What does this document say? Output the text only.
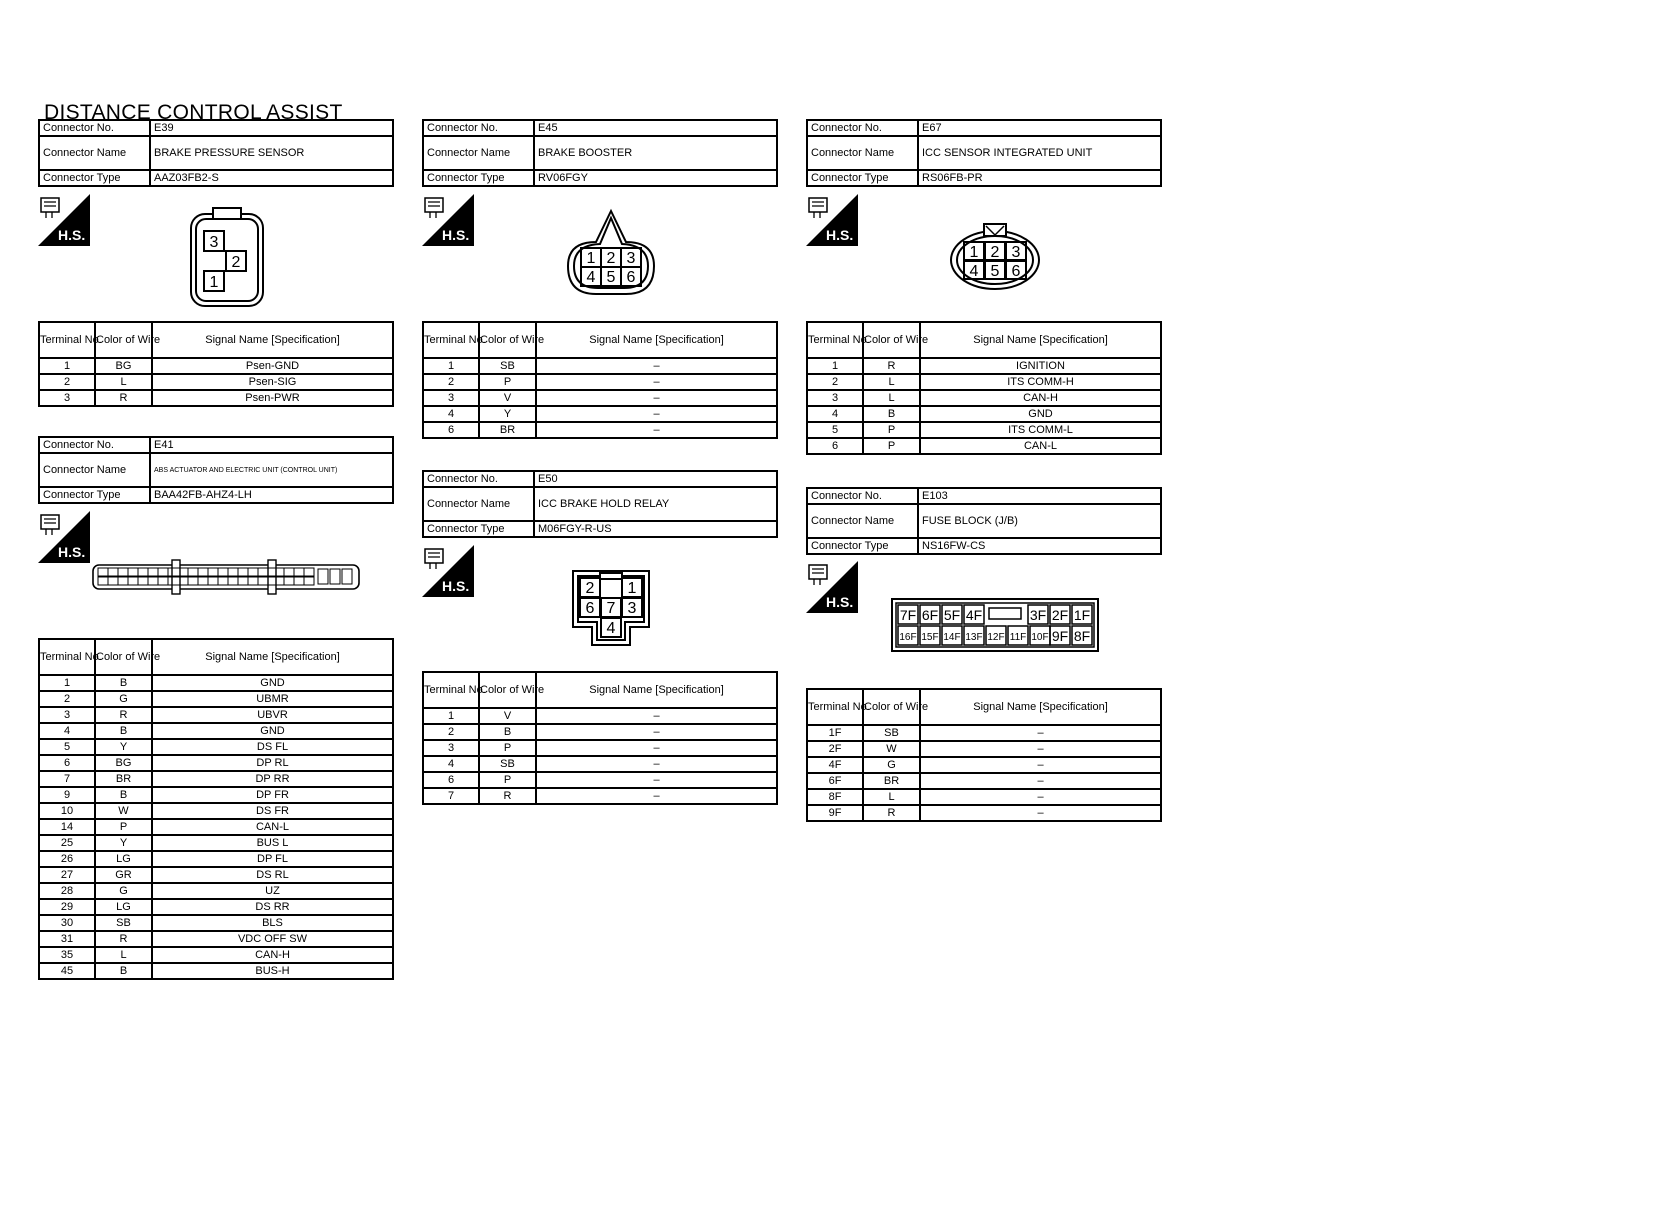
DISTANCE CONTROL ASSIST
Connector No.	E39
Connector Name	BRAKE PRESSURE SENSOR
Connector Type	AAZ03FB2-S
H.S.	3
2
1
Terminal No.	Color of Wire	Signal Name [Specification]
1	BG	Psen-GND
2	L	Psen-SIG
3	R	Psen-PWR
Connector No.	E41
Connector Name	ABS ACTUATOR AND ELECTRIC UNIT (CONTROL UNIT)
Connector Type	BAA42FB-AHZ4-LH
H.S.
Terminal No.	Color of Wire	Signal Name [Specification]
1	B	GND
2	G	UBMR
3	R	UBVR
4	B	GND
5	Y	DS FL
6	BG	DP RL
7	BR	DP RR
9	B	DP FR
10	W	DS FR
14	P	CAN-L
25	Y	BUS L
26	LG	DP FL
27	GR	DS RL
28	G	UZ
29	LG	DS RR
30	SB	BLS
31	R	VDC OFF SW
35	L	CAN-H
45	B	BUS-H
Connector No.	E45
Connector Name	BRAKE BOOSTER
Connector Type	RV06FGY
H.S.
1 2 3
4 5 6
Terminal No.	Color of Wire	Signal Name [Specification]
1	SB	–
2	P	–
3	V	–
4	Y	–
6	BR	–
Connector No.	E50
Connector Name	ICC BRAKE HOLD RELAY
Connector Type	M06FGY-R-US
H.S.	2 1
6 7 3
4
Terminal No.	Color of Wire	Signal Name [Specification]
1	V	–
2	B	–
3	P	–
4	SB	–
6	P	–
7	R	–
Connector No.	E67
Connector Name	ICC SENSOR INTEGRATED UNIT
Connector Type	RS06FB-PR
H.S.
1 2 3
4 5 6
Terminal No.	Color of Wire	Signal Name [Specification]
1	R	IGNITION
2	L	ITS COMM-H
3	L	CAN-H
4	B	GND
5	P	ITS COMM-L
6	P	CAN-L
Connector No.	E103
Connector Name	FUSE BLOCK (J/B)
Connector Type	NS16FW-CS
H.S.
7F 6F 5F 4F	3F 2F 1F
16F 15F 14F 13F 12F 11F 10F 9F 8F
Terminal No.	Color of Wire	Signal Name [Specification]
1F	SB	–
2F	W	–
4F	G	–
6F	BR	–
8F	L	–
9F	R	–
